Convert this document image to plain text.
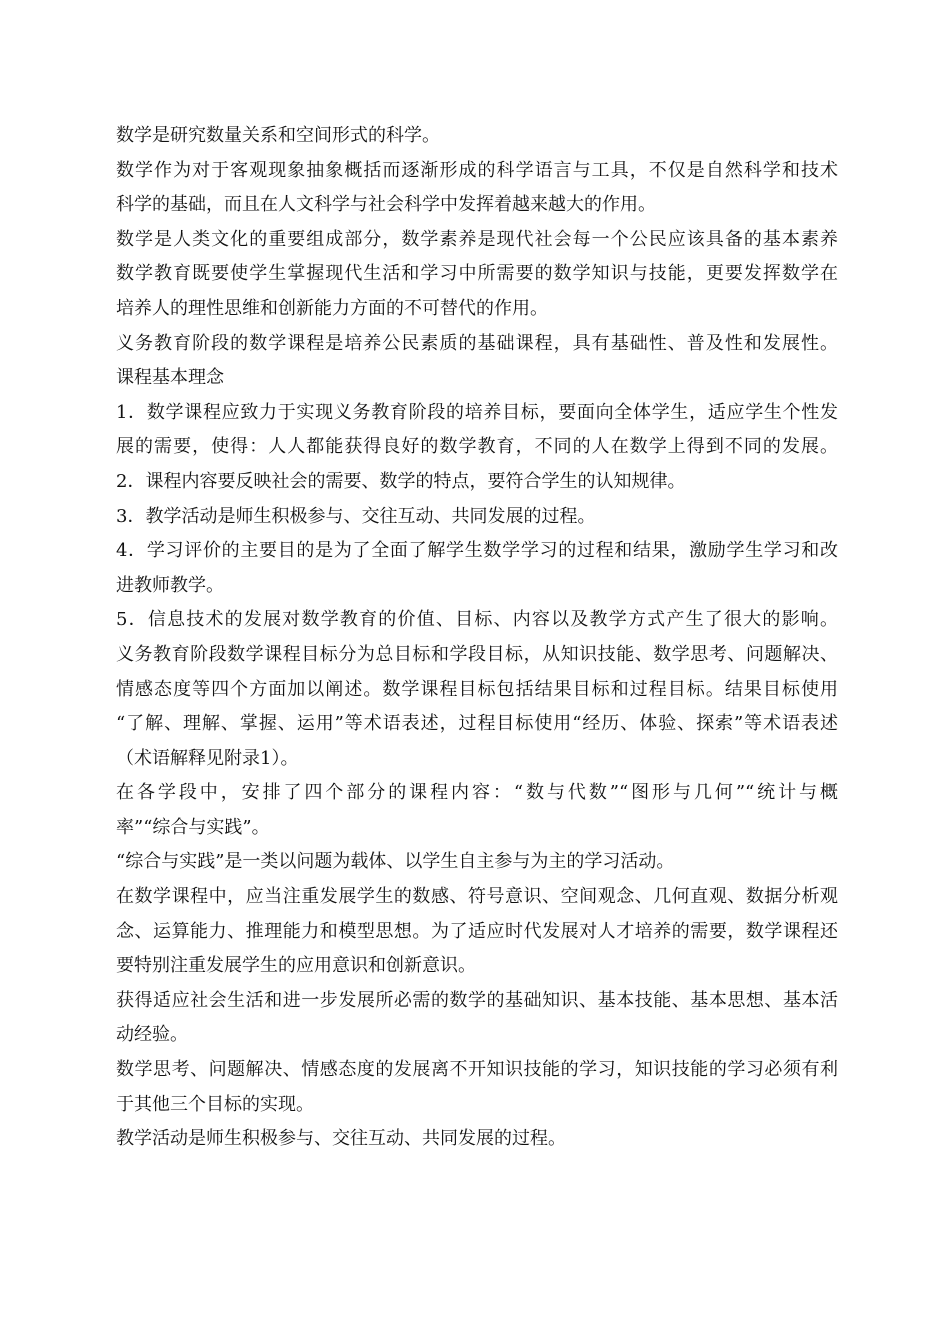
数学是研究数量关系和空间形式的科学。
数学作为对于客观现象抽象概括而逐渐形成的科学语言与工具，不仅是自然科学和技术
科学的基础，而且在人文科学与社会科学中发挥着越来越大的作用。
数学是人类文化的重要组成部分，数学素养是现代社会每一个公民应该具备的基本素养
数学教育既要使学生掌握现代生活和学习中所需要的数学知识与技能，更要发挥数学在
培养人的理性思维和创新能力方面的不可替代的作用。
义务教育阶段的数学课程是培养公民素质的基础课程，具有基础性、普及性和发展性。
课程基本理念
1．数学课程应致力于实现义务教育阶段的培养目标，要面向全体学生，适应学生个性发
展的需要，使得：人人都能获得良好的数学教育，不同的人在数学上得到不同的发展。
2．课程内容要反映社会的需要、数学的特点，要符合学生的认知规律。
3．教学活动是师生积极参与、交往互动、共同发展的过程。
4．学习评价的主要目的是为了全面了解学生数学学习的过程和结果，激励学生学习和改
进教师教学。
5．信息技术的发展对数学教育的价值、目标、内容以及教学方式产生了很大的影响。
义务教育阶段数学课程目标分为总目标和学段目标，从知识技能、数学思考、问题解决、
情感态度等四个方面加以阐述。数学课程目标包括结果目标和过程目标。结果目标使用
“了解、理解、掌握、运用”等术语表述，过程目标使用“经历、体验、探索”等术语表述
（术语解释见附录1）。
在各学段中，安排了四个部分的课程内容：“数与代数”“图形与几何”“统计与概
率”“综合与实践”。
“综合与实践”是一类以问题为载体、以学生自主参与为主的学习活动。
在数学课程中，应当注重发展学生的数感、符号意识、空间观念、几何直观、数据分析观
念、运算能力、推理能力和模型思想。为了适应时代发展对人才培养的需要，数学课程还
要特别注重发展学生的应用意识和创新意识。
获得适应社会生活和进一步发展所必需的数学的基础知识、基本技能、基本思想、基本活
动经验。
数学思考、问题解决、情感态度的发展离不开知识技能的学习，知识技能的学习必须有利
于其他三个目标的实现。
教学活动是师生积极参与、交往互动、共同发展的过程。
